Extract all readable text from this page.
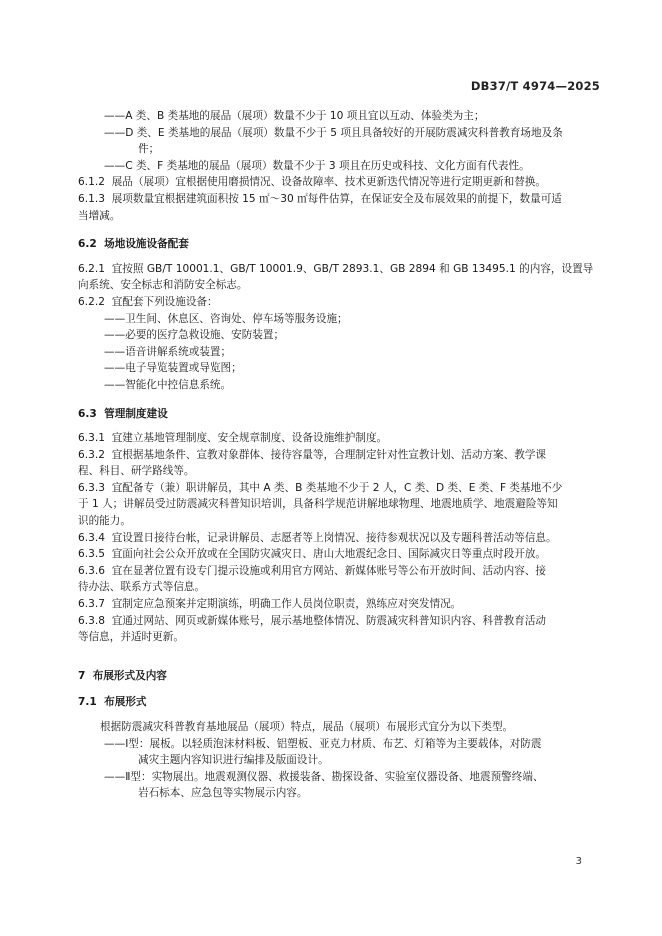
DB37/T 4974—2025
——A 类、B 类基地的展品（展项）数量不少于 10 项且宜以互动、体验类为主；
——D 类、E 类基地的展品（展项）数量不少于 5 项且具备较好的开展防震减灾科普教育场地及条
件；
——C 类、F 类基地的展品（展项）数量不少于 3 项且在历史或科技、文化方面有代表性。
6.1.2  展品（展项）宜根据使用磨损情况、设备故障率、技术更新迭代情况等进行定期更新和替换。
6.1.3  展项数量宜根据建筑面积按 15 ㎡～30 ㎡每件估算，在保证安全及布展效果的前提下，数量可适
当增减。
6.2  场地设施设备配套
6.2.1  宜按照 GB/T 10001.1、GB/T 10001.9、GB/T 2893.1、GB 2894 和 GB 13495.1 的内容，设置导
向系统、安全标志和消防安全标志。
6.2.2  宜配套下列设施设备：
——卫生间、休息区、咨询处、停车场等服务设施；
——必要的医疗急救设施、安防装置；
——语音讲解系统或装置；
——电子导览装置或导览图；
——智能化中控信息系统。
6.3  管理制度建设
6.3.1  宜建立基地管理制度、安全规章制度、设备设施维护制度。
6.3.2  宜根据基地条件、宣教对象群体、接待容量等，合理制定针对性宣教计划、活动方案、教学课
程、科目、研学路线等。
6.3.3  宜配备专（兼）职讲解员，其中 A 类、B 类基地不少于 2 人，C 类、D 类、E 类、F 类基地不少
于 1 人；讲解员受过防震减灾科普知识培训，具备科学规范讲解地球物理、地震地质学、地震避险等知
识的能力。
6.3.4  宜设置日接待台帐，记录讲解员、志愿者等上岗情况、接待参观状况以及专题科普活动等信息。
6.3.5  宜面向社会公众开放或在全国防灾减灾日、唐山大地震纪念日、国际减灾日等重点时段开放。
6.3.6  宜在显著位置有设专门提示设施或利用官方网站、新媒体账号等公布开放时间、活动内容、接
待办法、联系方式等信息。
6.3.7  宜制定应急预案并定期演练，明确工作人员岗位职责，熟练应对突发情况。
6.3.8  宜通过网站、网页或新媒体账号，展示基地整体情况、防震减灾科普知识内容、科普教育活动
等信息，并适时更新。
7  布展形式及内容
7.1  布展形式
根据防震减灾科普教育基地展品（展项）特点，展品（展项）布展形式宜分为以下类型。
——Ⅰ型：展板。以轻质泡沫材料板、铝塑板、亚克力材质、布艺、灯箱等为主要载体，对防震
减灾主题内容知识进行编排及版面设计。
——Ⅱ型：实物展出。地震观测仪器、救援装备、勘探设备、实验室仪器设备、地震预警终端、
岩石标本、应急包等实物展示内容。
3
